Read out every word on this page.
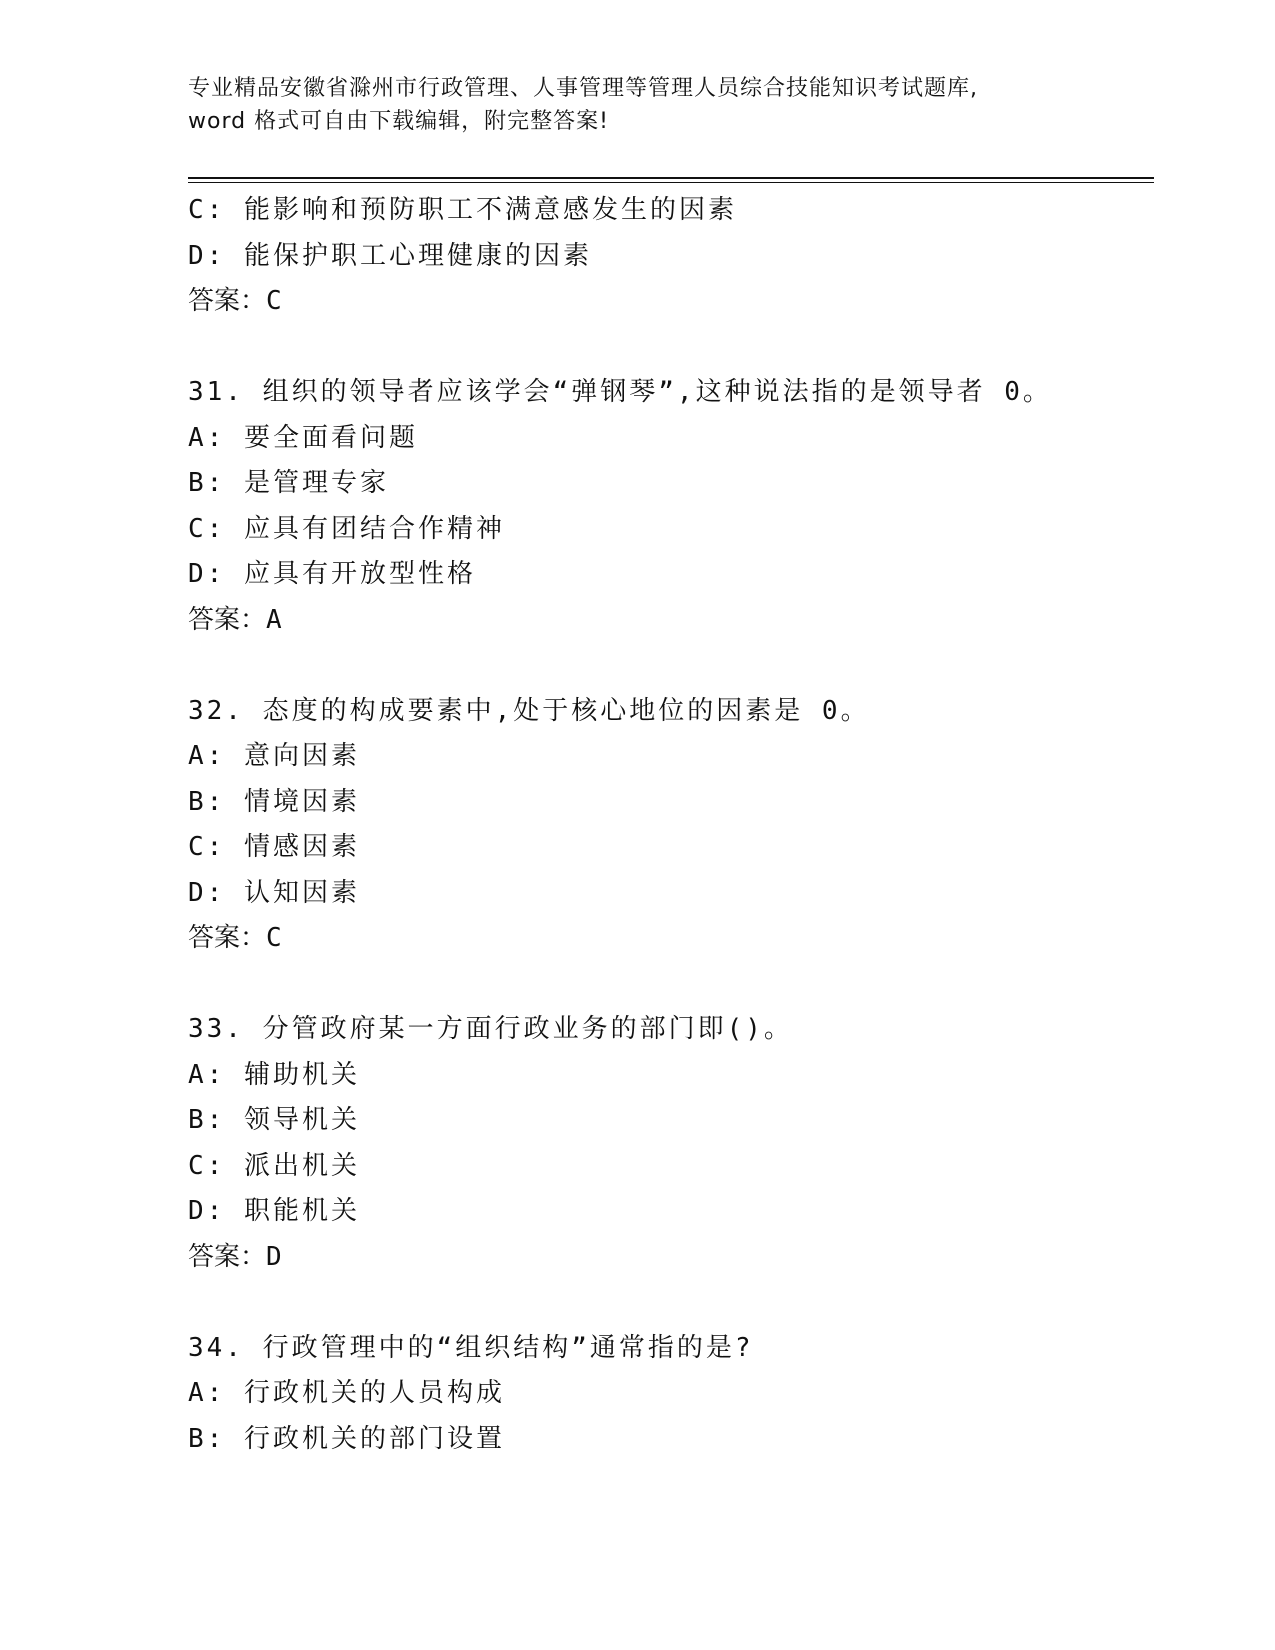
专业精品安徽省滁州市行政管理、人事管理等管理人员综合技能知识考试题库,
word 格式可自由下载编辑，附完整答案!
C: 能影响和预防职工不满意感发生的因素
D: 能保护职工心理健康的因素
答案：C
31. 组织的领导者应该学会“弹钢琴”,这种说法指的是领导者 0。
A: 要全面看问题
B: 是管理专家
C: 应具有团结合作精神
D: 应具有开放型性格
答案：A
32. 态度的构成要素中,处于核心地位的因素是 0。
A: 意向因素
B: 情境因素
C: 情感因素
D: 认知因素
答案：C
33. 分管政府某一方面行政业务的部门即()。
A: 辅助机关
B: 领导机关
C: 派出机关
D: 职能机关
答案：D
34. 行政管理中的“组织结构”通常指的是?
A: 行政机关的人员构成
B: 行政机关的部门设置
